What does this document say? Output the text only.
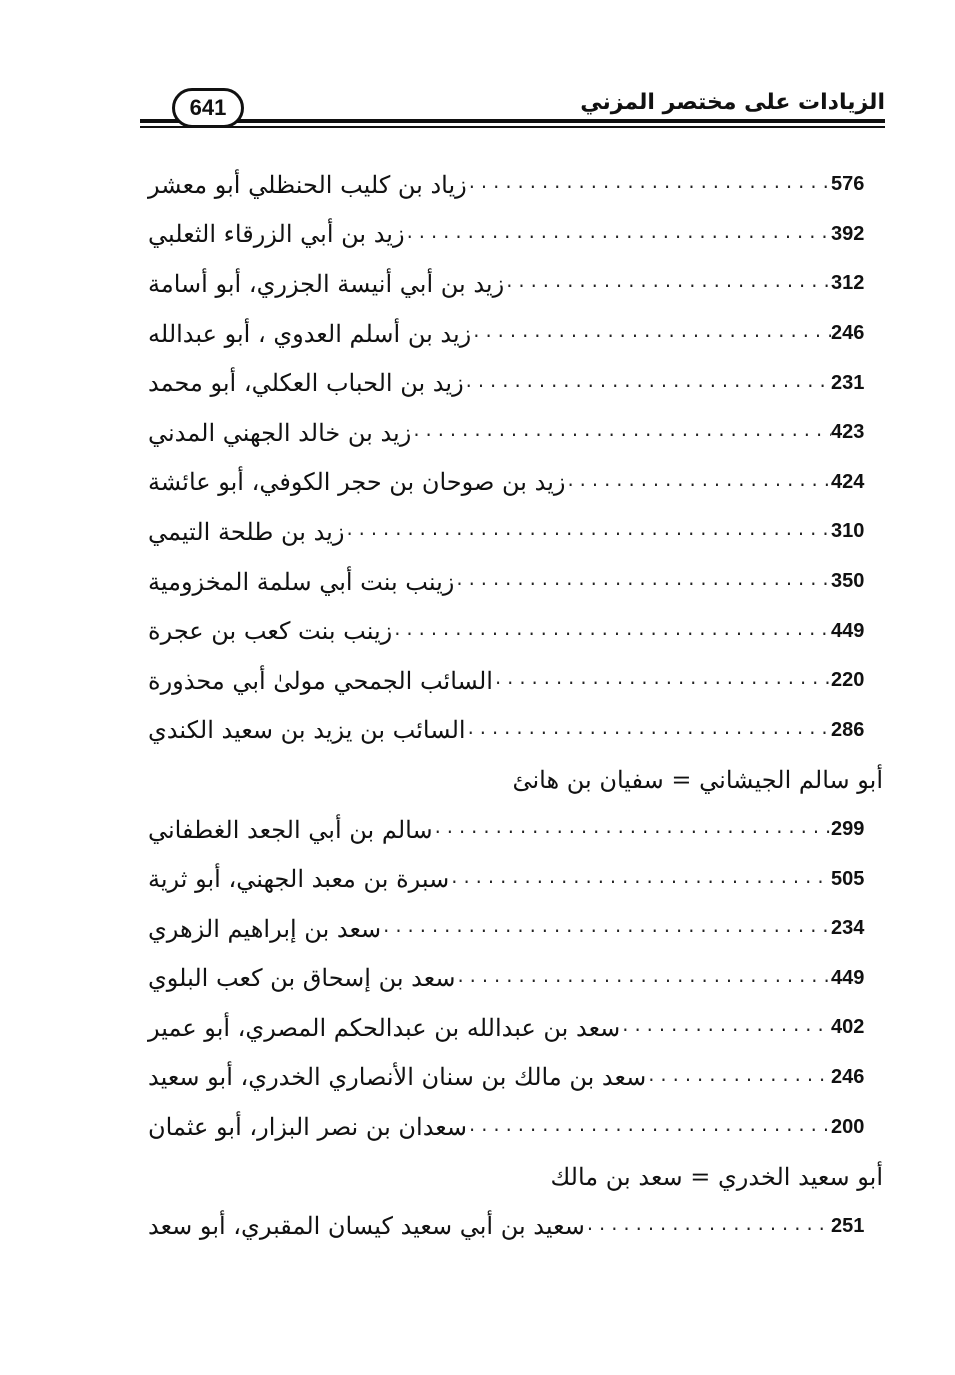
الزيادات على مختصر المزني
641
زياد بن كليب الحنظلي أبو معشر .....	576
زيد بن أبي الزرقاء الثعلبي .....	392
زيد بن أبي أنيسة الجزري، أبو أسامة .....	312
زيد بن أسلم العدوي ، أبو عبدالله .....	246
زيد بن الحباب العكلي، أبو محمد .....	231
زيد بن خالد الجهني المدني .....	423
زيد بن صوحان بن حجر الكوفي، أبو عائشة .....	424
زيد بن طلحة التيمي .....	310
زينب بنت أبي سلمة المخزومية .....	350
زينب بنت كعب بن عجرة .....	449
السائب الجمحي مولىٰ أبي محذورة .....	220
السائب بن يزيد بن سعيد الكندي .....	286
أبو سالم الجيشاني = سفيان بن هانئ
سالم بن أبي الجعد الغطفاني .....	299
سبرة بن معبد الجهني، أبو ثرية .....	505
سعد بن إبراهيم الزهري .....	234
سعد بن إسحاق بن كعب البلوي .....	449
سعد بن عبدالله بن عبدالحكم المصري، أبو عمير .....	402
سعد بن مالك بن سنان الأنصاري الخدري، أبو سعيد .....	246
سعدان بن نصر البزار، أبو عثمان .....	200
أبو سعيد الخدري = سعد بن مالك
سعيد بن أبي سعيد كيسان المقبري، أبو سعد .....	251
